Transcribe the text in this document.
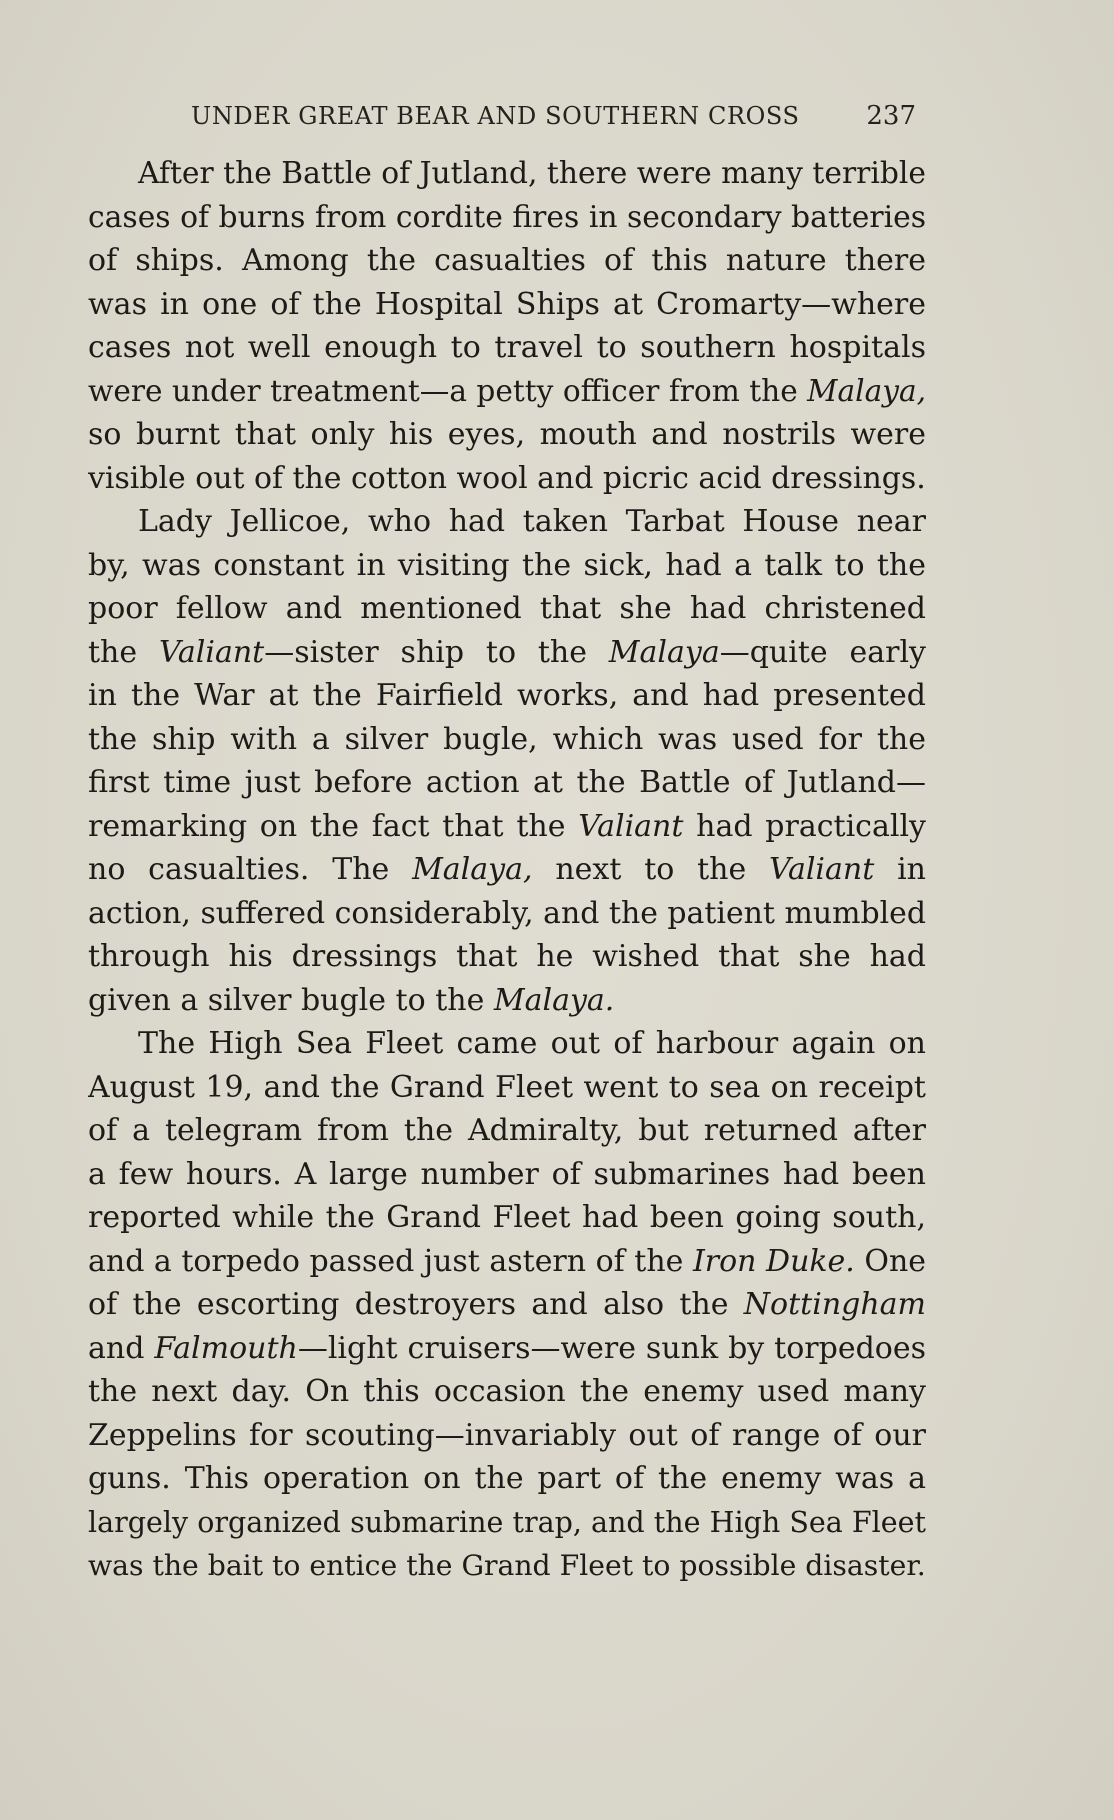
UNDER GREAT BEAR AND SOUTHERN CROSS	237
After the Battle of Jutland, there were many terrible
cases of burns from cordite fires in secondary batteries
of ships. Among the casualties of this nature there
was in one of the Hospital Ships at Cromarty—where
cases not well enough to travel to southern hospitals
were under treatment—a petty officer from the Malaya,
so burnt that only his eyes, mouth and nostrils were
visible out of the cotton wool and picric acid dressings.
Lady Jellicoe, who had taken Tarbat House near
by, was constant in visiting the sick, had a talk to the
poor fellow and mentioned that she had christened
the Valiant—sister ship to the Malaya—quite early
in the War at the Fairfield works, and had presented
the ship with a silver bugle, which was used for the
first time just before action at the Battle of Jutland—
remarking on the fact that the Valiant had practically
no casualties. The Malaya, next to the Valiant in
action, suffered considerably, and the patient mumbled
through his dressings that he wished that she had
given a silver bugle to the Malaya.
The High Sea Fleet came out of harbour again on
August 19, and the Grand Fleet went to sea on receipt
of a telegram from the Admiralty, but returned after
a few hours. A large number of submarines had been
reported while the Grand Fleet had been going south,
and a torpedo passed just astern of the Iron Duke. One
of the escorting destroyers and also the Nottingham
and Falmouth—light cruisers—were sunk by torpedoes
the next day. On this occasion the enemy used many
Zeppelins for scouting—invariably out of range of our
guns. This operation on the part of the enemy was a
largely organized submarine trap, and the High Sea Fleet
was the bait to entice the Grand Fleet to possible disaster.
